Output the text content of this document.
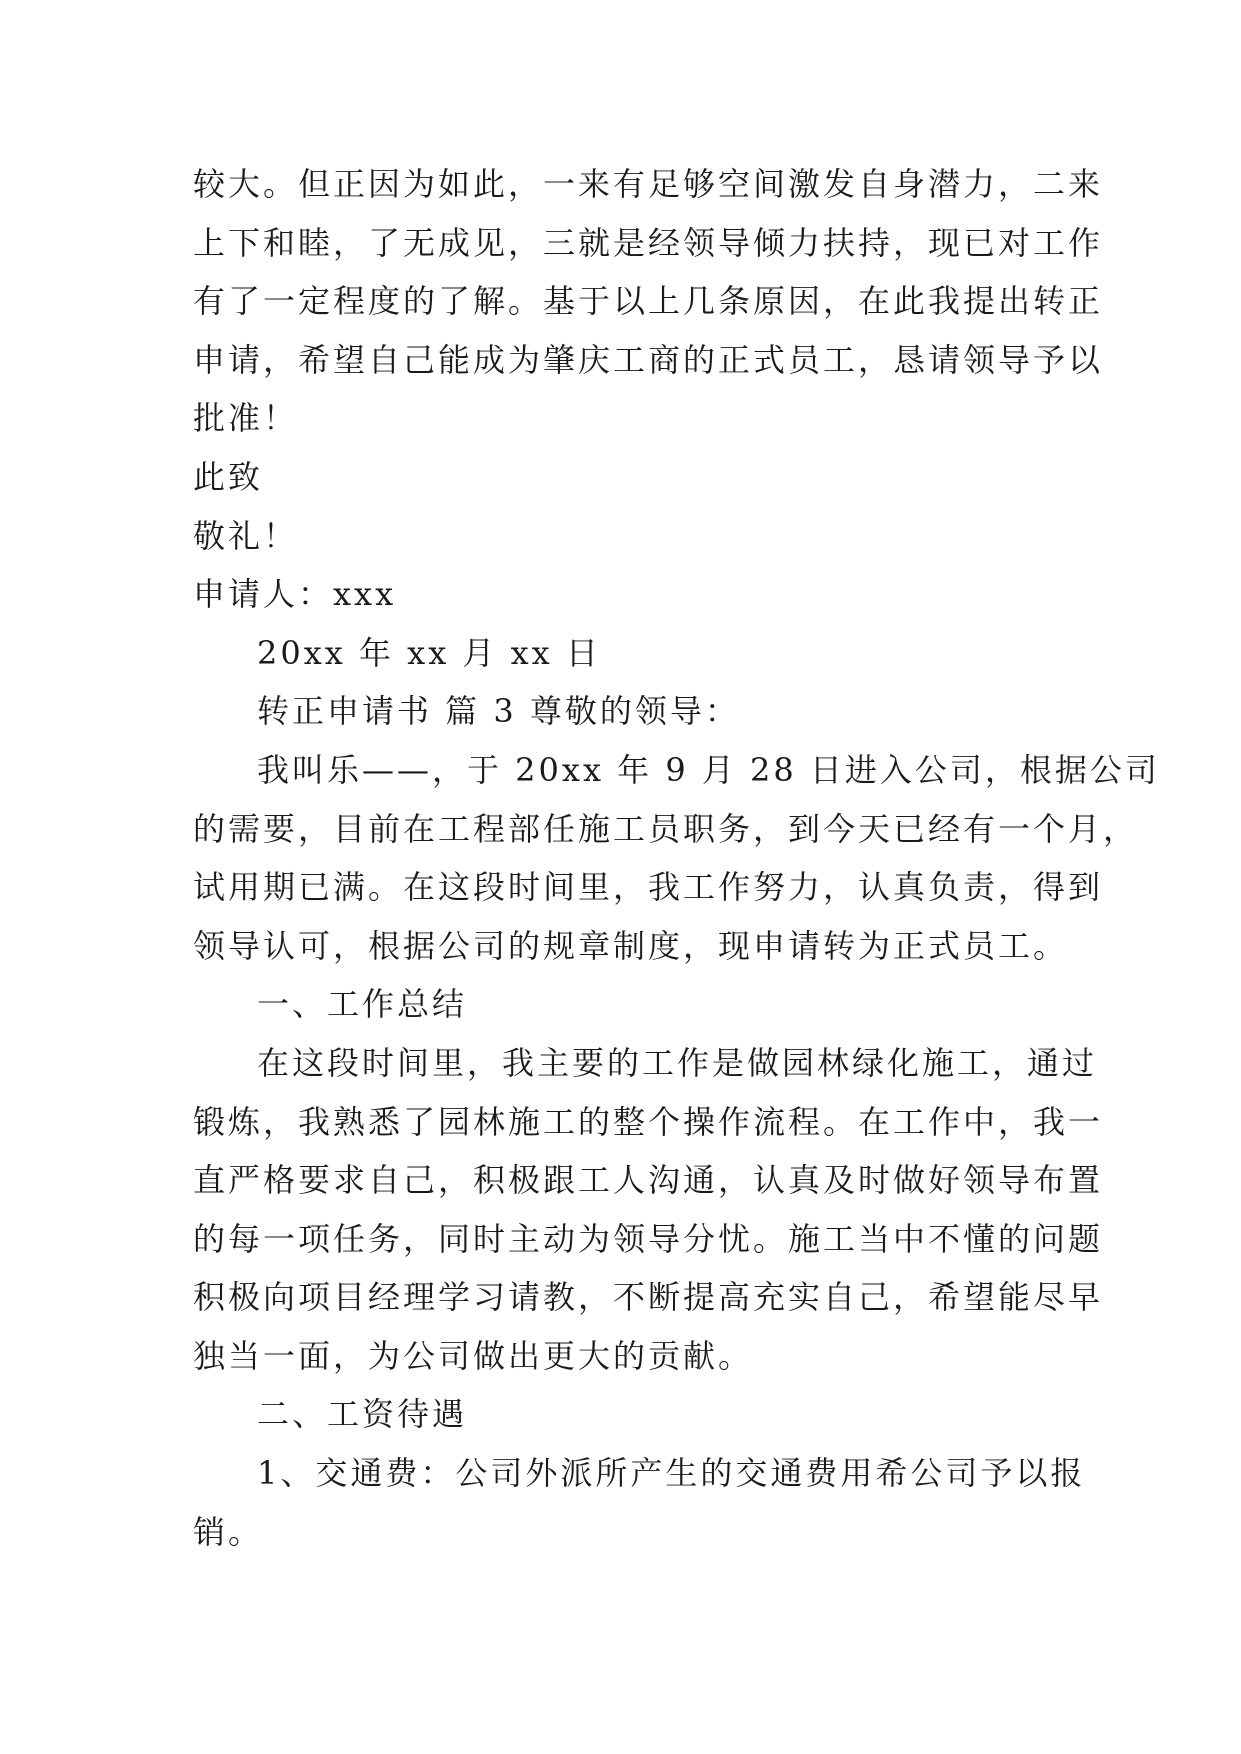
较大。但正因为如此，一来有足够空间激发自身潜力，二来
上下和睦，了无成见，三就是经领导倾力扶持，现已对工作
有了一定程度的了解。基于以上几条原因，在此我提出转正
申请，希望自己能成为肇庆工商的正式员工，恳请领导予以
批准！
此致
敬礼！
申请人：xxx
20xx 年 xx 月 xx 日
转正申请书 篇 3 尊敬的领导：
我叫乐——，于 20xx 年 9 月 28 日进入公司，根据公司
的需要，目前在工程部任施工员职务，到今天已经有一个月，
试用期已满。在这段时间里，我工作努力，认真负责，得到
领导认可，根据公司的规章制度，现申请转为正式员工。
一、工作总结
在这段时间里，我主要的工作是做园林绿化施工，通过
锻炼，我熟悉了园林施工的整个操作流程。在工作中，我一
直严格要求自己，积极跟工人沟通，认真及时做好领导布置
的每一项任务，同时主动为领导分忧。施工当中不懂的问题
积极向项目经理学习请教，不断提高充实自己，希望能尽早
独当一面，为公司做出更大的贡献。
二、工资待遇
1、交通费：公司外派所产生的交通费用希公司予以报
销。
